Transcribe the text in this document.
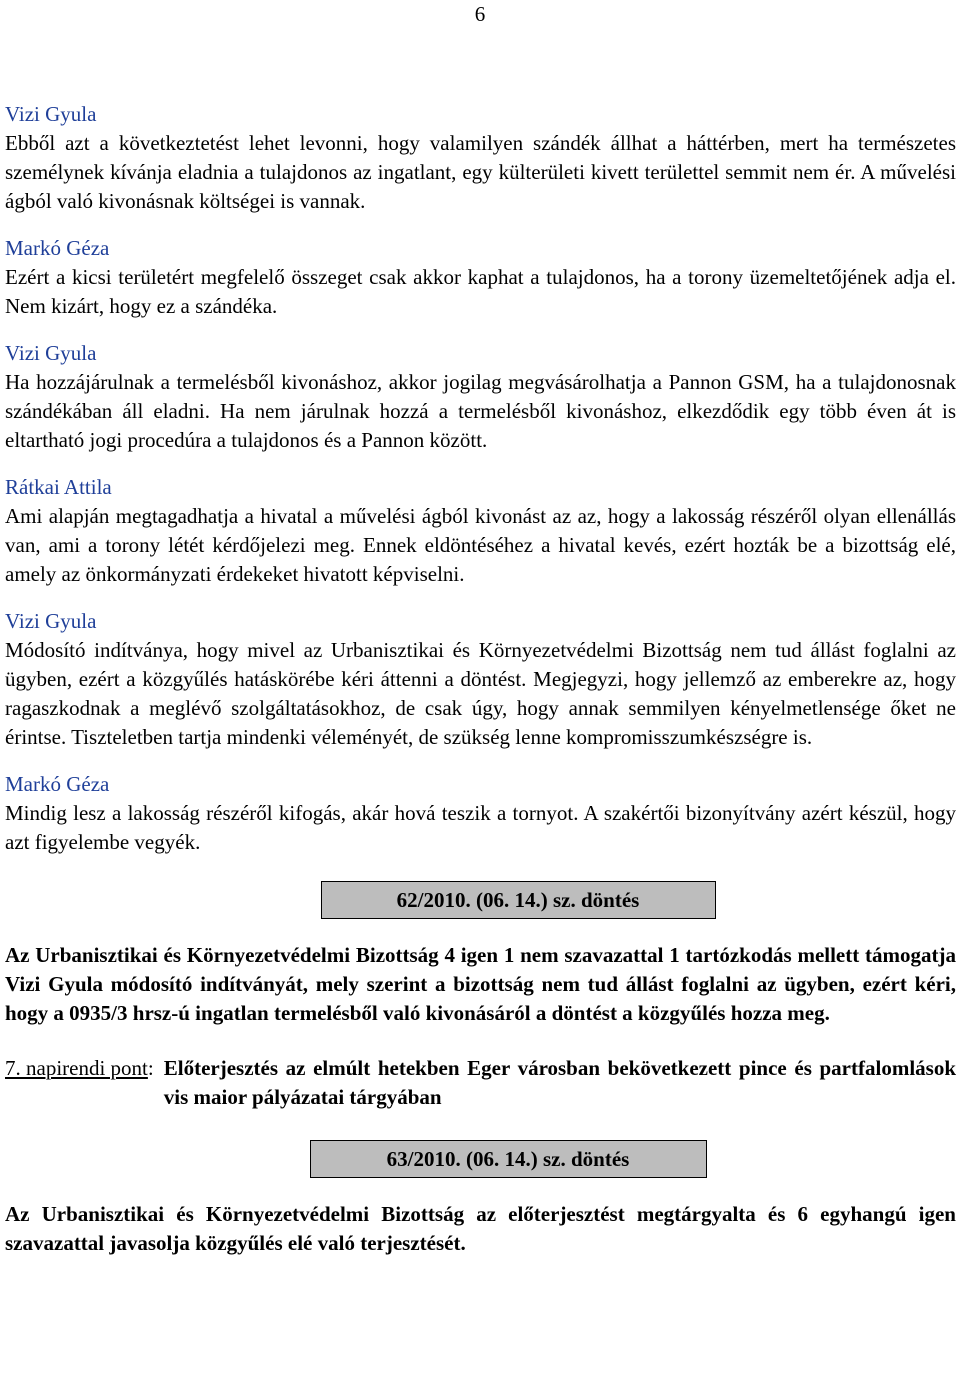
6

Vizi Gyula

Ebből azt a következtetést lehet levonni, hogy valamilyen szándék állhat a háttérben, mert ha természetes személynek kívánja eladnia a tulajdonos az ingatlant, egy külterületi kivett területtel semmit nem ér. A művelési ágból való kivonásnak költségei is vannak.

Markó Géza

Ezért a kicsi területért megfelelő összeget csak akkor kaphat a tulajdonos, ha a torony üzemeltetőjének adja el. Nem kizárt, hogy ez a szándéka.

Vizi Gyula

Ha hozzájárulnak a termelésből kivonáshoz, akkor jogilag megvásárolhatja a Pannon GSM, ha a tulajdonosnak szándékában áll eladni. Ha nem járulnak hozzá a termelésből kivonáshoz, elkezdődik egy több éven át is eltartható jogi procedúra a tulajdonos és a Pannon között.

Rátkai Attila

Ami alapján megtagadhatja a hivatal a művelési ágból kivonást az az, hogy a lakosság részéről olyan ellenállás van, ami a torony létét kérdőjelezi meg. Ennek eldöntéséhez a hivatal kevés, ezért hozták be a bizottság elé, amely az önkormányzati érdekeket hivatott képviselni.

Vizi Gyula

Módosító indítványa, hogy mivel az Urbanisztikai és Környezetvédelmi Bizottság nem tud állást foglalni az ügyben, ezért a közgyűlés hatáskörébe kéri áttenni a döntést. Megjegyzi, hogy jellemző az emberekre az, hogy ragaszkodnak a meglévő szolgáltatásokhoz, de csak úgy, hogy annak semmilyen kényelmetlensége őket ne érintse. Tiszteletben tartja mindenki véleményét, de szükség lenne kompromisszumkészségre is.

Markó Géza

Mindig lesz a lakosság részéről kifogás, akár hová teszik a tornyot. A szakértői bizonyítvány azért készül, hogy azt figyelembe vegyék.

62/2010. (06. 14.) sz. döntés

Az Urbanisztikai és Környezetvédelmi Bizottság 4 igen 1 nem szavazattal 1 tartózkodás mellett támogatja Vizi Gyula módosító indítványát, mely szerint a bizottság nem tud állást foglalni az ügyben, ezért kéri, hogy a 0935/3 hrsz-ú ingatlan termelésből való kivonásáról a döntést a közgyűlés hozza meg.

7. napirendi pont: Előterjesztés az elmúlt hetekben Eger városban bekövetkezett pince és partfalomlások vis maior pályázatai tárgyában
63/2010. (06. 14.) sz. döntés

Az Urbanisztikai és Környezetvédelmi Bizottság az előterjesztést megtárgyalta és 6 egyhangú igen szavazattal javasolja közgyűlés elé való terjesztését.
